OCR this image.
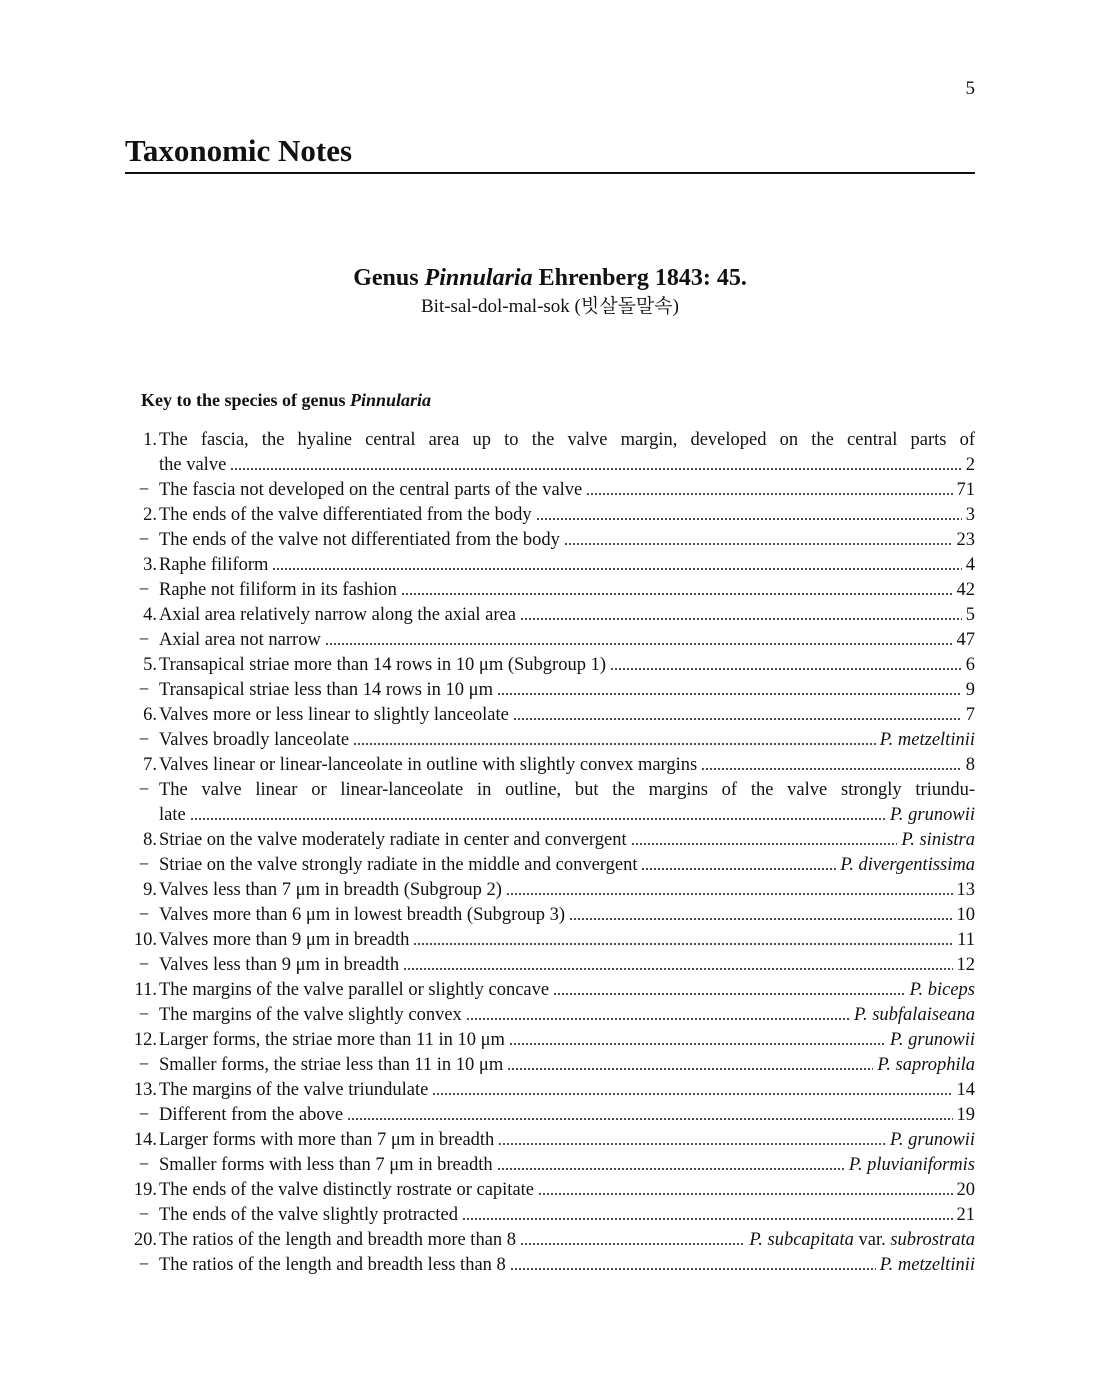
5
Taxonomic Notes
Genus Pinnularia Ehrenberg 1843: 45.
Bit-sal-dol-mal-sok (빗살돌말속)
Key to the species of genus Pinnularia
1. The fascia, the hyaline central area up to the valve margin, developed on the central parts of
the valve	2
− The fascia not developed on the central parts of the valve	71
2. The ends of the valve differentiated from the body	3
− The ends of the valve not differentiated from the body	23
3. Raphe filiform	4
− Raphe not filiform in its fashion	42
4. Axial area relatively narrow along the axial area	5
− Axial area not narrow	47
5. Transapical striae more than 14 rows in 10 μm (Subgroup 1)	6
− Transapical striae less than 14 rows in 10 μm	9
6. Valves more or less linear to slightly lanceolate	7
− Valves broadly lanceolate	P. metzeltinii
7. Valves linear or linear-lanceolate in outline with slightly convex margins	8
− The valve linear or linear-lanceolate in outline, but the margins of the valve strongly triundu-
late	P. grunowii
8. Striae on the valve moderately radiate in center and convergent	P. sinistra
− Striae on the valve strongly radiate in the middle and convergent	P. divergentissima
9. Valves less than 7 μm in breadth (Subgroup 2)	13
− Valves more than 6 μm in lowest breadth (Subgroup 3)	10
10. Valves more than 9 μm in breadth	11
− Valves less than 9 μm in breadth	12
11. The margins of the valve parallel or slightly concave	P. biceps
− The margins of the valve slightly convex	P. subfalaiseana
12. Larger forms, the striae more than 11 in 10 μm	P. grunowii
− Smaller forms, the striae less than 11 in 10 μm	P. saprophila
13. The margins of the valve triundulate	14
− Different from the above	19
14. Larger forms with more than 7 μm in breadth	P. grunowii
− Smaller forms with less than 7 μm in breadth	P. pluvianiformis
19. The ends of the valve distinctly rostrate or capitate	20
− The ends of the valve slightly protracted	21
20. The ratios of the length and breadth more than 8	P. subcapitata var. subrostrata
− The ratios of the length and breadth less than 8	P. metzeltinii
